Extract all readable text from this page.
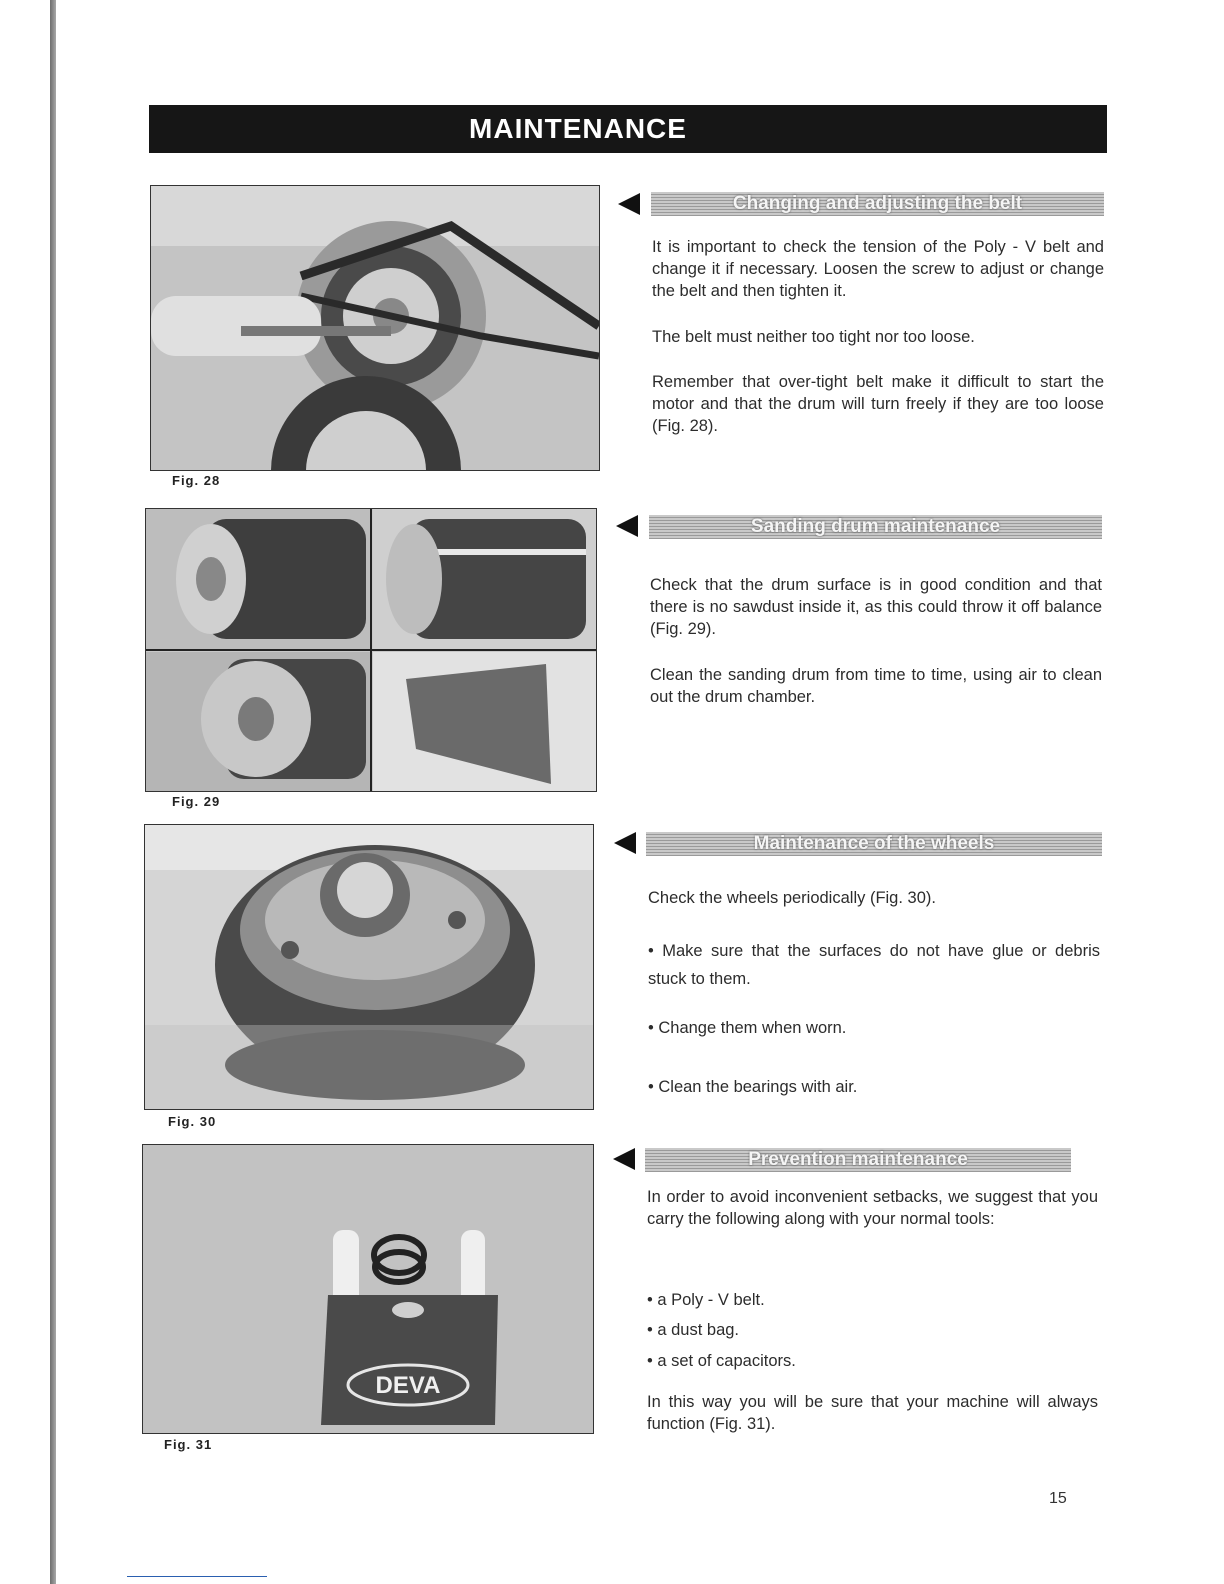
MAINTENANCE
Fig. 28
Fig. 29
Fig. 30
DEVA
Fig. 31
Changing and adjusting the belt

It is important to check the tension of the Poly - V belt and change it if necessary. Loosen the screw to adjust or change the belt and then tighten it.

The belt must neither too tight nor too loose.

Remember that over-tight belt make it difficult to start the motor and that the drum will turn freely if they are too loose (Fig. 28).

Sanding drum maintenance

Check that the drum surface is in good condition and that there is no sawdust inside it, as this could throw it off balance (Fig. 29).

Clean the sanding drum from time to time, using air to clean out the drum chamber.

Maintenance of the wheels

Check the wheels periodically (Fig. 30).

• Make sure that the surfaces do not have glue or debris stuck to them.

• Change them when worn.

• Clean the bearings with air.

Prevention maintenance

In order to avoid inconvenient setbacks, we suggest that you carry the following along with your normal tools:

• a Poly - V belt.

• a dust bag.

• a set of capacitors.

In this way you will be sure that your machine will always function (Fig. 31).

15
